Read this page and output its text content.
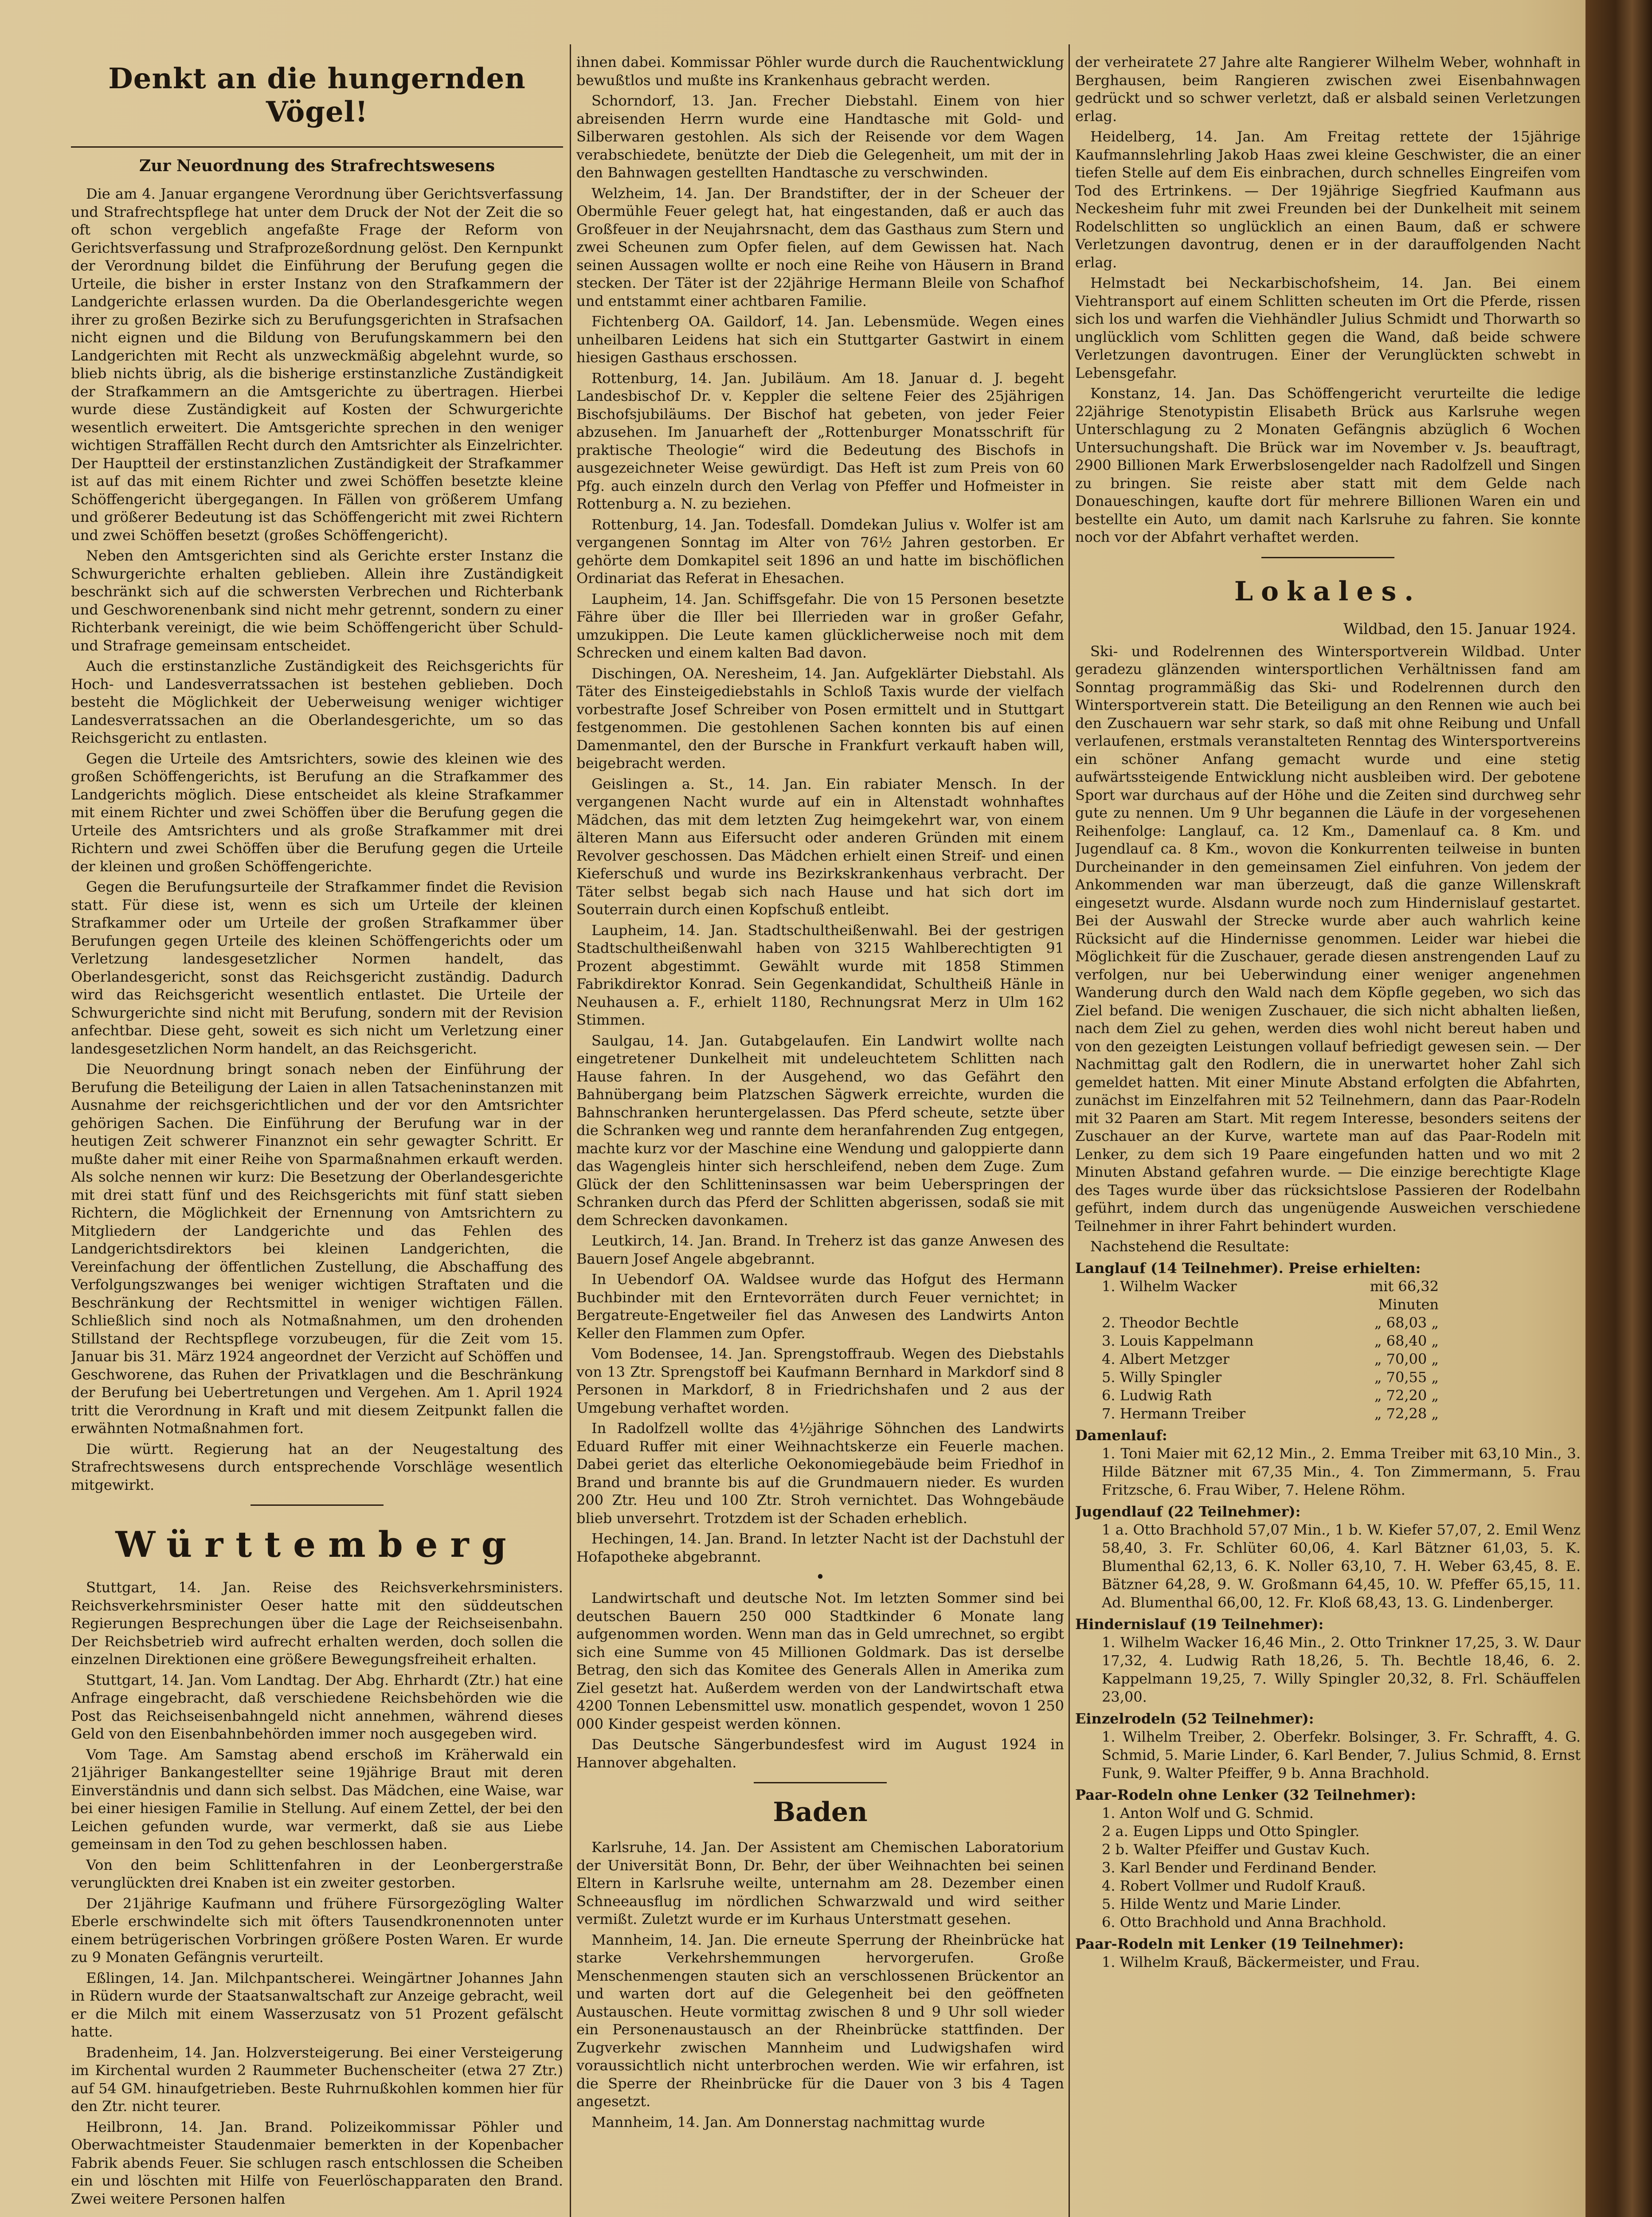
Denkt an die hungernden Vögel!
Zur Neuordnung des Strafrechtswesens

Die am 4. Januar ergangene Verordnung über Gerichtsverfassung und Strafrechtspflege hat unter dem Druck der Not der Zeit die so oft schon vergeblich angefaßte Frage der Reform von Gerichtsverfassung und Strafprozeßordnung gelöst. Den Kernpunkt der Verordnung bildet die Einführung der Berufung gegen die Urteile, die bisher in erster Instanz von den Strafkammern der Landgerichte erlassen wurden. Da die Oberlandesgerichte wegen ihrer zu großen Bezirke sich zu Berufungsgerichten in Strafsachen nicht eignen und die Bildung von Berufungskammern bei den Landgerichten mit Recht als unzweckmäßig abgelehnt wurde, so blieb nichts übrig, als die bisherige erstinstanzliche Zuständigkeit der Strafkammern an die Amtsgerichte zu übertragen. Hierbei wurde diese Zuständigkeit auf Kosten der Schwurgerichte wesentlich erweitert. Die Amtsgerichte sprechen in den weniger wichtigen Straffällen Recht durch den Amtsrichter als Einzelrichter. Der Hauptteil der erstinstanzlichen Zuständigkeit der Strafkammer ist auf das mit einem Richter und zwei Schöffen besetzte kleine Schöffengericht übergegangen. In Fällen von größerem Umfang und größerer Bedeutung ist das Schöffengericht mit zwei Richtern und zwei Schöffen besetzt (großes Schöffengericht).

Neben den Amtsgerichten sind als Gerichte erster Instanz die Schwurgerichte erhalten geblieben. Allein ihre Zuständigkeit beschränkt sich auf die schwersten Verbrechen und Richterbank und Geschworenenbank sind nicht mehr getrennt, sondern zu einer Richterbank vereinigt, die wie beim Schöffengericht über Schuld- und Strafrage gemeinsam entscheidet.

Auch die erstinstanzliche Zuständigkeit des Reichsgerichts für Hoch- und Landesverratssachen ist bestehen geblieben. Doch besteht die Möglichkeit der Ueberweisung weniger wichtiger Landesverratssachen an die Oberlandesgerichte, um so das Reichsgericht zu entlasten.

Gegen die Urteile des Amtsrichters, sowie des kleinen wie des großen Schöffengerichts, ist Berufung an die Strafkammer des Landgerichts möglich. Diese entscheidet als kleine Strafkammer mit einem Richter und zwei Schöffen über die Berufung gegen die Urteile des Amtsrichters und als große Strafkammer mit drei Richtern und zwei Schöffen über die Berufung gegen die Urteile der kleinen und großen Schöffengerichte.

Gegen die Berufungsurteile der Strafkammer findet die Revision statt. Für diese ist, wenn es sich um Urteile der kleinen Strafkammer oder um Urteile der großen Strafkammer über Berufungen gegen Urteile des kleinen Schöffengerichts oder um Verletzung landesgesetzlicher Normen handelt, das Oberlandesgericht, sonst das Reichsgericht zuständig. Dadurch wird das Reichsgericht wesentlich entlastet. Die Urteile der Schwurgerichte sind nicht mit Berufung, sondern mit der Revision anfechtbar. Diese geht, soweit es sich nicht um Verletzung einer landesgesetzlichen Norm handelt, an das Reichsgericht.

Die Neuordnung bringt sonach neben der Einführung der Berufung die Beteiligung der Laien in allen Tatsacheninstanzen mit Ausnahme der reichsgerichtlichen und der vor den Amtsrichter gehörigen Sachen. Die Einführung der Berufung war in der heutigen Zeit schwerer Finanznot ein sehr gewagter Schritt. Er mußte daher mit einer Reihe von Sparmaßnahmen erkauft werden. Als solche nennen wir kurz: Die Besetzung der Oberlandesgerichte mit drei statt fünf und des Reichsgerichts mit fünf statt sieben Richtern, die Möglichkeit der Ernennung von Amtsrichtern zu Mitgliedern der Landgerichte und das Fehlen des Landgerichtsdirektors bei kleinen Landgerichten, die Vereinfachung der öffentlichen Zustellung, die Abschaffung des Verfolgungszwanges bei weniger wichtigen Straftaten und die Beschränkung der Rechtsmittel in weniger wichtigen Fällen. Schließlich sind noch als Notmaßnahmen, um den drohenden Stillstand der Rechtspflege vorzubeugen, für die Zeit vom 15. Januar bis 31. März 1924 angeordnet der Verzicht auf Schöffen und Geschworene, das Ruhen der Privatklagen und die Beschränkung der Berufung bei Uebertretungen und Vergehen. Am 1. April 1924 tritt die Verordnung in Kraft und mit diesem Zeitpunkt fallen die erwähnten Notmaßnahmen fort.

Die württ. Regierung hat an der Neugestaltung des Strafrechtswesens durch entsprechende Vorschläge wesentlich mitgewirkt.

Württemberg

Stuttgart, 14. Jan. Reise des Reichsverkehrsministers. Reichsverkehrsminister Oeser hatte mit den süddeutschen Regierungen Besprechungen über die Lage der Reichseisenbahn. Der Reichsbetrieb wird aufrecht erhalten werden, doch sollen die einzelnen Direktionen eine größere Bewegungsfreiheit erhalten.

Stuttgart, 14. Jan. Vom Landtag. Der Abg. Ehrhardt (Ztr.) hat eine Anfrage eingebracht, daß verschiedene Reichsbehörden wie die Post das Reichseisenbahngeld nicht annehmen, während dieses Geld von den Eisenbahnbehörden immer noch ausgegeben wird.

Vom Tage. Am Samstag abend erschoß im Kräherwald ein 21jähriger Bankangestellter seine 19jährige Braut mit deren Einverständnis und dann sich selbst. Das Mädchen, eine Waise, war bei einer hiesigen Familie in Stellung. Auf einem Zettel, der bei den Leichen gefunden wurde, war vermerkt, daß sie aus Liebe gemeinsam in den Tod zu gehen beschlossen haben.

Von den beim Schlittenfahren in der Leonbergerstraße verunglückten drei Knaben ist ein zweiter gestorben.

Der 21jährige Kaufmann und frühere Fürsorgezögling Walter Eberle erschwindelte sich mit öfters Tausendkronennoten unter einem betrügerischen Vorbringen größere Posten Waren. Er wurde zu 9 Monaten Gefängnis verurteilt.

Eßlingen, 14. Jan. Milchpantscherei. Weingärtner Johannes Jahn in Rüdern wurde der Staatsanwaltschaft zur Anzeige gebracht, weil er die Milch mit einem Wasserzusatz von 51 Prozent gefälscht hatte.

Bradenheim, 14. Jan. Holzversteigerung. Bei einer Versteigerung im Kirchental wurden 2 Raummeter Buchenscheiter (etwa 27 Ztr.) auf 54 GM. hinaufgetrieben. Beste Ruhrnußkohlen kommen hier für den Ztr. nicht teurer.

Heilbronn, 14. Jan. Brand. Polizeikommissar Pöhler und Oberwachtmeister Staudenmaier bemerkten in der Kopenbacher Fabrik abends Feuer. Sie schlugen rasch entschlossen die Scheiben ein und löschten mit Hilfe von Feuerlöschapparaten den Brand. Zwei weitere Personen halfen

ihnen dabei. Kommissar Pöhler wurde durch die Rauchentwicklung bewußtlos und mußte ins Krankenhaus gebracht werden.

Schorndorf, 13. Jan. Frecher Diebstahl. Einem von hier abreisenden Herrn wurde eine Handtasche mit Gold- und Silberwaren gestohlen. Als sich der Reisende vor dem Wagen verabschiedete, benützte der Dieb die Gelegenheit, um mit der in den Bahnwagen gestellten Handtasche zu verschwinden.

Welzheim, 14. Jan. Der Brandstifter, der in der Scheuer der Obermühle Feuer gelegt hat, hat eingestanden, daß er auch das Großfeuer in der Neujahrsnacht, dem das Gasthaus zum Stern und zwei Scheunen zum Opfer fielen, auf dem Gewissen hat. Nach seinen Aussagen wollte er noch eine Reihe von Häusern in Brand stecken. Der Täter ist der 22jährige Hermann Bleile von Schafhof und entstammt einer achtbaren Familie.

Fichtenberg OA. Gaildorf, 14. Jan. Lebensmüde. Wegen eines unheilbaren Leidens hat sich ein Stuttgarter Gastwirt in einem hiesigen Gasthaus erschossen.

Rottenburg, 14. Jan. Jubiläum. Am 18. Januar d. J. begeht Landesbischof Dr. v. Keppler die seltene Feier des 25jährigen Bischofsjubiläums. Der Bischof hat gebeten, von jeder Feier abzusehen. Im Januarheft der „Rottenburger Monatsschrift für praktische Theologie“ wird die Bedeutung des Bischofs in ausgezeichneter Weise gewürdigt. Das Heft ist zum Preis von 60 Pfg. auch einzeln durch den Verlag von Pfeffer und Hofmeister in Rottenburg a. N. zu beziehen.

Rottenburg, 14. Jan. Todesfall. Domdekan Julius v. Wolfer ist am vergangenen Sonntag im Alter von 76½ Jahren gestorben. Er gehörte dem Domkapitel seit 1896 an und hatte im bischöflichen Ordinariat das Referat in Ehesachen.

Laupheim, 14. Jan. Schiffsgefahr. Die von 15 Personen besetzte Fähre über die Iller bei Illerrieden war in großer Gefahr, umzukippen. Die Leute kamen glücklicherweise noch mit dem Schrecken und einem kalten Bad davon.

Dischingen, OA. Neresheim, 14. Jan. Aufgeklärter Diebstahl. Als Täter des Einsteigediebstahls in Schloß Taxis wurde der vielfach vorbestrafte Josef Schreiber von Posen ermittelt und in Stuttgart festgenommen. Die gestohlenen Sachen konnten bis auf einen Damenmantel, den der Bursche in Frankfurt verkauft haben will, beigebracht werden.

Geislingen a. St., 14. Jan. Ein rabiater Mensch. In der vergangenen Nacht wurde auf ein in Altenstadt wohnhaftes Mädchen, das mit dem letzten Zug heimgekehrt war, von einem älteren Mann aus Eifersucht oder anderen Gründen mit einem Revolver geschossen. Das Mädchen erhielt einen Streif- und einen Kieferschuß und wurde ins Bezirkskrankenhaus verbracht. Der Täter selbst begab sich nach Hause und hat sich dort im Souterrain durch einen Kopfschuß entleibt.

Laupheim, 14. Jan. Stadtschultheißenwahl. Bei der gestrigen Stadtschultheißenwahl haben von 3215 Wahlberechtigten 91 Prozent abgestimmt. Gewählt wurde mit 1858 Stimmen Fabrikdirektor Konrad. Sein Gegenkandidat, Schultheiß Hänle in Neuhausen a. F., erhielt 1180, Rechnungsrat Merz in Ulm 162 Stimmen.

Saulgau, 14. Jan. Gutabgelaufen. Ein Landwirt wollte nach eingetretener Dunkelheit mit undeleuchtetem Schlitten nach Hause fahren. In der Ausgehend, wo das Gefährt den Bahnübergang beim Platzschen Sägwerk erreichte, wurden die Bahnschranken heruntergelassen. Das Pferd scheute, setzte über die Schranken weg und rannte dem heranfahrenden Zug entgegen, machte kurz vor der Maschine eine Wendung und galoppierte dann das Wagengleis hinter sich herschleifend, neben dem Zuge. Zum Glück der den Schlitteninsassen war beim Ueberspringen der Schranken durch das Pferd der Schlitten abgerissen, sodaß sie mit dem Schrecken davonkamen.

Leutkirch, 14. Jan. Brand. In Treherz ist das ganze Anwesen des Bauern Josef Angele abgebrannt.

In Uebendorf OA. Waldsee wurde das Hofgut des Hermann Buchbinder mit den Erntevorräten durch Feuer vernichtet; in Bergatreute-Engetweiler fiel das Anwesen des Landwirts Anton Keller den Flammen zum Opfer.

Vom Bodensee, 14. Jan. Sprengstoffraub. Wegen des Diebstahls von 13 Ztr. Sprengstoff bei Kaufmann Bernhard in Markdorf sind 8 Personen in Markdorf, 8 in Friedrichshafen und 2 aus der Umgebung verhaftet worden.

In Radolfzell wollte das 4½jährige Söhnchen des Landwirts Eduard Ruffer mit einer Weihnachtskerze ein Feuerle machen. Dabei geriet das elterliche Oekonomiegebäude beim Friedhof in Brand und brannte bis auf die Grundmauern nieder. Es wurden 200 Ztr. Heu und 100 Ztr. Stroh vernichtet. Das Wohngebäude blieb unversehrt. Trotzdem ist der Schaden erheblich.

Hechingen, 14. Jan. Brand. In letzter Nacht ist der Dachstuhl der Hofapotheke abgebrannt.

•

Landwirtschaft und deutsche Not. Im letzten Sommer sind bei deutschen Bauern 250 000 Stadtkinder 6 Monate lang aufgenommen worden. Wenn man das in Geld umrechnet, so ergibt sich eine Summe von 45 Millionen Goldmark. Das ist derselbe Betrag, den sich das Komitee des Generals Allen in Amerika zum Ziel gesetzt hat. Außerdem werden von der Landwirtschaft etwa 4200 Tonnen Lebensmittel usw. monatlich gespendet, wovon 1 250 000 Kinder gespeist werden können.

Das Deutsche Sängerbundesfest wird im August 1924 in Hannover abgehalten.

Baden

Karlsruhe, 14. Jan. Der Assistent am Chemischen Laboratorium der Universität Bonn, Dr. Behr, der über Weihnachten bei seinen Eltern in Karlsruhe weilte, unternahm am 28. Dezember einen Schneeausflug im nördlichen Schwarzwald und wird seither vermißt. Zuletzt wurde er im Kurhaus Unterstmatt gesehen.

Mannheim, 14. Jan. Die erneute Sperrung der Rheinbrücke hat starke Verkehrshemmungen hervorgerufen. Große Menschenmengen stauten sich an verschlossenen Brückentor an und warten dort auf die Gelegenheit bei den geöffneten Austauschen. Heute vormittag zwischen 8 und 9 Uhr soll wieder ein Personenaustausch an der Rheinbrücke stattfinden. Der Zugverkehr zwischen Mannheim und Ludwigshafen wird voraussichtlich nicht unterbrochen werden. Wie wir erfahren, ist die Sperre der Rheinbrücke für die Dauer von 3 bis 4 Tagen angesetzt.

Mannheim, 14. Jan. Am Donnerstag nachmittag wurde

der verheiratete 27 Jahre alte Rangierer Wilhelm Weber, wohnhaft in Berghausen, beim Rangieren zwischen zwei Eisenbahnwagen gedrückt und so schwer verletzt, daß er alsbald seinen Verletzungen erlag.

Heidelberg, 14. Jan. Am Freitag rettete der 15jährige Kaufmannslehrling Jakob Haas zwei kleine Geschwister, die an einer tiefen Stelle auf dem Eis einbrachen, durch schnelles Eingreifen vom Tod des Ertrinkens. — Der 19jährige Siegfried Kaufmann aus Neckesheim fuhr mit zwei Freunden bei der Dunkelheit mit seinem Rodelschlitten so unglücklich an einen Baum, daß er schwere Verletzungen davontrug, denen er in der darauffolgenden Nacht erlag.

Helmstadt bei Neckarbischofsheim, 14. Jan. Bei einem Viehtransport auf einem Schlitten scheuten im Ort die Pferde, rissen sich los und warfen die Viehhändler Julius Schmidt und Thorwarth so unglücklich vom Schlitten gegen die Wand, daß beide schwere Verletzungen davontrugen. Einer der Verunglückten schwebt in Lebensgefahr.

Konstanz, 14. Jan. Das Schöffengericht verurteilte die ledige 22jährige Stenotypistin Elisabeth Brück aus Karlsruhe wegen Unterschlagung zu 2 Monaten Gefängnis abzüglich 6 Wochen Untersuchungshaft. Die Brück war im November v. Js. beauftragt, 2900 Billionen Mark Erwerbslosengelder nach Radolfzell und Singen zu bringen. Sie reiste aber statt mit dem Gelde nach Donaueschingen, kaufte dort für mehrere Billionen Waren ein und bestellte ein Auto, um damit nach Karlsruhe zu fahren. Sie konnte noch vor der Abfahrt verhaftet werden.

Lokales.
Wildbad, den 15. Januar 1924.

Ski- und Rodelrennen des Wintersportverein Wildbad. Unter geradezu glänzenden wintersportlichen Verhältnissen fand am Sonntag programmäßig das Ski- und Rodelrennen durch den Wintersportverein statt. Die Beteiligung an den Rennen wie auch bei den Zuschauern war sehr stark, so daß mit ohne Reibung und Unfall verlaufenen, erstmals veranstalteten Renntag des Wintersportvereins ein schöner Anfang gemacht wurde und eine stetig aufwärtssteigende Entwicklung nicht ausbleiben wird. Der gebotene Sport war durchaus auf der Höhe und die Zeiten sind durchweg sehr gute zu nennen. Um 9 Uhr begannen die Läufe in der vorgesehenen Reihenfolge: Langlauf, ca. 12 Km., Damenlauf ca. 8 Km. und Jugendlauf ca. 8 Km., wovon die Konkurrenten teilweise in bunten Durcheinander in den gemeinsamen Ziel einfuhren. Von jedem der Ankommenden war man überzeugt, daß die ganze Willenskraft eingesetzt wurde. Alsdann wurde noch zum Hindernislauf gestartet. Bei der Auswahl der Strecke wurde aber auch wahrlich keine Rücksicht auf die Hindernisse genommen. Leider war hiebei die Möglichkeit für die Zuschauer, gerade diesen anstrengenden Lauf zu verfolgen, nur bei Ueberwindung einer weniger angenehmen Wanderung durch den Wald nach dem Köpfle gegeben, wo sich das Ziel befand. Die wenigen Zuschauer, die sich nicht abhalten ließen, nach dem Ziel zu gehen, werden dies wohl nicht bereut haben und von den gezeigten Leistungen vollauf befriedigt gewesen sein. — Der Nachmittag galt den Rodlern, die in unerwartet hoher Zahl sich gemeldet hatten. Mit einer Minute Abstand erfolgten die Abfahrten, zunächst im Einzelfahren mit 52 Teilnehmern, dann das Paar-Rodeln mit 32 Paaren am Start. Mit regem Interesse, besonders seitens der Zuschauer an der Kurve, wartete man auf das Paar-Rodeln mit Lenker, zu dem sich 19 Paare eingefunden hatten und wo mit 2 Minuten Abstand gefahren wurde. — Die einzige berechtigte Klage des Tages wurde über das rücksichtslose Passieren der Rodelbahn geführt, indem durch das ungenügende Ausweichen verschiedene Teilnehmer in ihrer Fahrt behindert wurden.

Nachstehend die Resultate:

Langlauf (14 Teilnehmer). Preise erhielten:
1. Wilhelm Wacker	mit 66,32 Minuten
2. Theodor Bechtle	„ 68,03 „
3. Louis Kappelmann	„ 68,40 „
4. Albert Metzger	„ 70,00 „
5. Willy Spingler	„ 70,55 „
6. Ludwig Rath	„ 72,20 „
7. Hermann Treiber	„ 72,28 „
Damenlauf:

1. Toni Maier mit 62,12 Min., 2. Emma Treiber mit 63,10 Min., 3. Hilde Bätzner mit 67,35 Min., 4. Ton Zimmermann, 5. Frau Fritzsche, 6. Frau Wiber, 7. Helene Röhm.

Jugendlauf (22 Teilnehmer):

1 a. Otto Brachhold 57,07 Min., 1 b. W. Kiefer 57,07, 2. Emil Wenz 58,40, 3. Fr. Schlüter 60,06, 4. Karl Bätzner 61,03, 5. K. Blumenthal 62,13, 6. K. Noller 63,10, 7. H. Weber 63,45, 8. E. Bätzner 64,28, 9. W. Großmann 64,45, 10. W. Pfeffer 65,15, 11. Ad. Blumenthal 66,00, 12. Fr. Kloß 68,43, 13. G. Lindenberger.

Hindernislauf (19 Teilnehmer):

1. Wilhelm Wacker 16,46 Min., 2. Otto Trinkner 17,25, 3. W. Daur 17,32, 4. Ludwig Rath 18,26, 5. Th. Bechtle 18,46, 6. 2. Kappelmann 19,25, 7. Willy Spingler 20,32, 8. Frl. Schäuffelen 23,00.

Einzelrodeln (52 Teilnehmer):

1. Wilhelm Treiber, 2. Oberfekr. Bolsinger, 3. Fr. Schrafft, 4. G. Schmid, 5. Marie Linder, 6. Karl Bender, 7. Julius Schmid, 8. Ernst Funk, 9. Walter Pfeiffer, 9 b. Anna Brachhold.

Paar-Rodeln ohne Lenker (32 Teilnehmer):
1. Anton Wolf und G. Schmid.
2 a. Eugen Lipps und Otto Spingler.
2 b. Walter Pfeiffer und Gustav Kuch.
3. Karl Bender und Ferdinand Bender.
4. Robert Vollmer und Rudolf Krauß.
5. Hilde Wentz und Marie Linder.
6. Otto Brachhold und Anna Brachhold.
Paar-Rodeln mit Lenker (19 Teilnehmer):
1. Wilhelm Krauß, Bäckermeister, und Frau.
